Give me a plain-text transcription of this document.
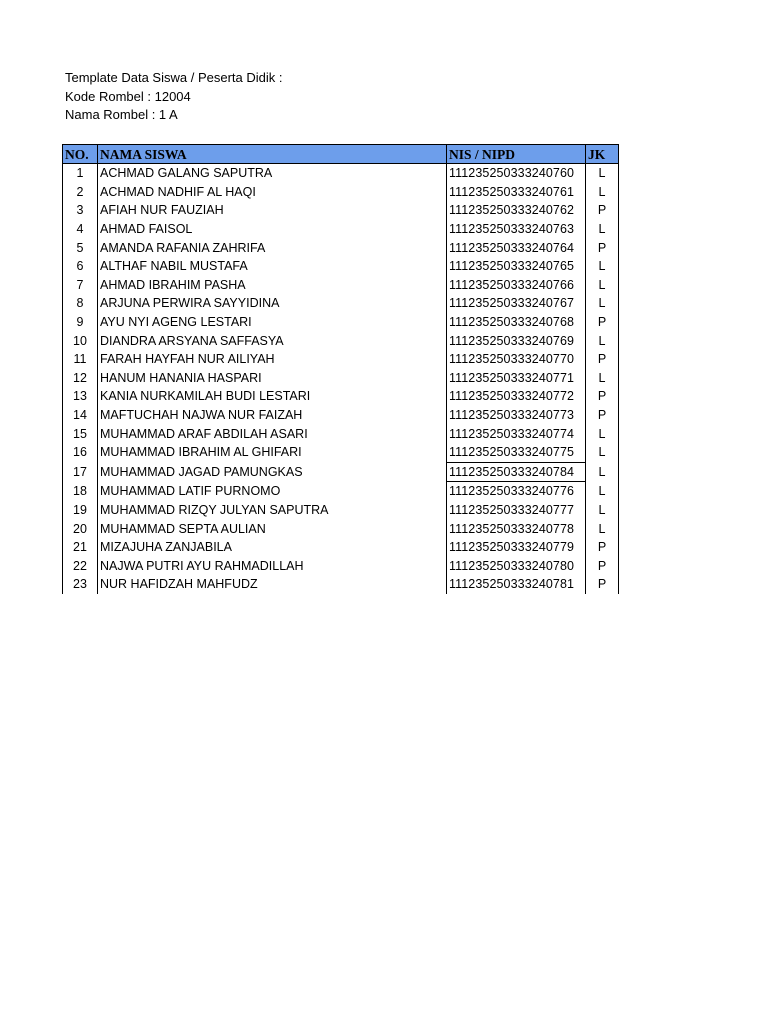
Template Data Siswa / Peserta Didik :
Kode Rombel : 12004
Nama Rombel : 1 A
NO.	NAMA SISWA	NIS / NIPD	JK
1	ACHMAD GALANG SAPUTRA	111235250333240760	L
2	ACHMAD NADHIF AL HAQI	111235250333240761	L
3	AFIAH NUR FAUZIAH	111235250333240762	P
4	AHMAD FAISOL	111235250333240763	L
5	AMANDA RAFANIA ZAHRIFA	111235250333240764	P
6	ALTHAF NABIL MUSTAFA	111235250333240765	L
7	AHMAD IBRAHIM PASHA	111235250333240766	L
8	ARJUNA PERWIRA SAYYIDINA	111235250333240767	L
9	AYU NYI AGENG LESTARI	111235250333240768	P
10	DIANDRA ARSYANA SAFFASYA	111235250333240769	L
11	FARAH HAYFAH NUR AILIYAH	111235250333240770	P
12	HANUM HANANIA HASPARI	111235250333240771	L
13	KANIA NURKAMILAH BUDI LESTARI	111235250333240772	P
14	MAFTUCHAH NAJWA NUR FAIZAH	111235250333240773	P
15	MUHAMMAD ARAF ABDILAH ASARI	111235250333240774	L
16	MUHAMMAD IBRAHIM AL GHIFARI	111235250333240775	L
17	MUHAMMAD JAGAD PAMUNGKAS	111235250333240784	L
18	MUHAMMAD LATIF PURNOMO	111235250333240776	L
19	MUHAMMAD RIZQY JULYAN SAPUTRA	111235250333240777	L
20	MUHAMMAD SEPTA AULIAN	111235250333240778	L
21	MIZAJUHA ZANJABILA	111235250333240779	P
22	NAJWA PUTRI AYU RAHMADILLAH	111235250333240780	P
23	NUR HAFIDZAH MAHFUDZ	111235250333240781	P
